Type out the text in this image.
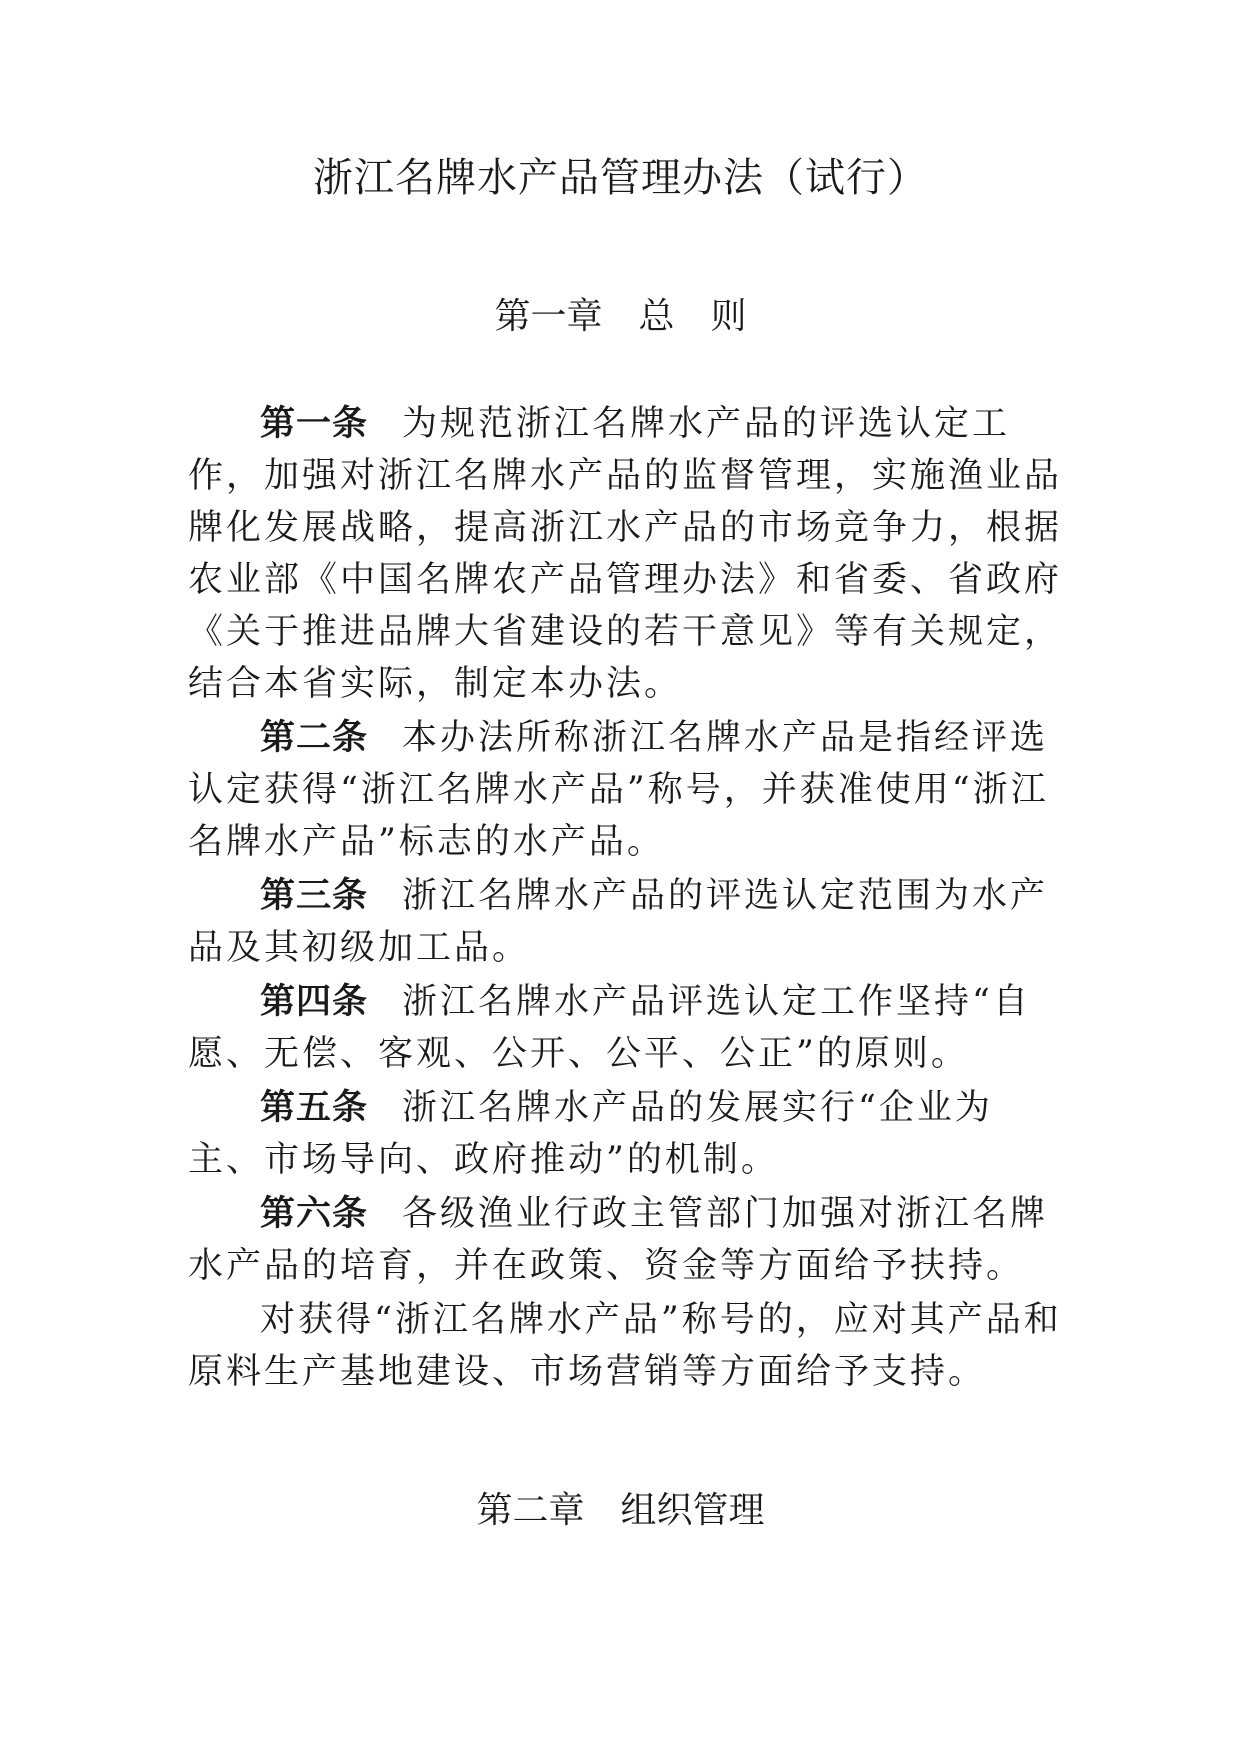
浙江名牌水产品管理办法（试行）
第一章　总　则

第一条 为规范浙江名牌水产品的评选认定工作，加强对浙江名牌水产品的监督管理，实施渔业品牌化发展战略，提高浙江水产品的市场竞争力，根据农业部《中国名牌农产品管理办法》和省委、省政府《关于推进品牌大省建设的若干意见》等有关规定，结合本省实际，制定本办法。

第二条 本办法所称浙江名牌水产品是指经评选认定获得“浙江名牌水产品”称号，并获准使用“浙江名牌水产品”标志的水产品。

第三条 浙江名牌水产品的评选认定范围为水产品及其初级加工品。

第四条 浙江名牌水产品评选认定工作坚持“自愿、无偿、客观、公开、公平、公正”的原则。

第五条 浙江名牌水产品的发展实行“企业为主、市场导向、政府推动”的机制。

第六条 各级渔业行政主管部门加强对浙江名牌水产品的培育，并在政策、资金等方面给予扶持。

对获得“浙江名牌水产品”称号的，应对其产品和原料生产基地建设、市场营销等方面给予支持。

第二章　组织管理
